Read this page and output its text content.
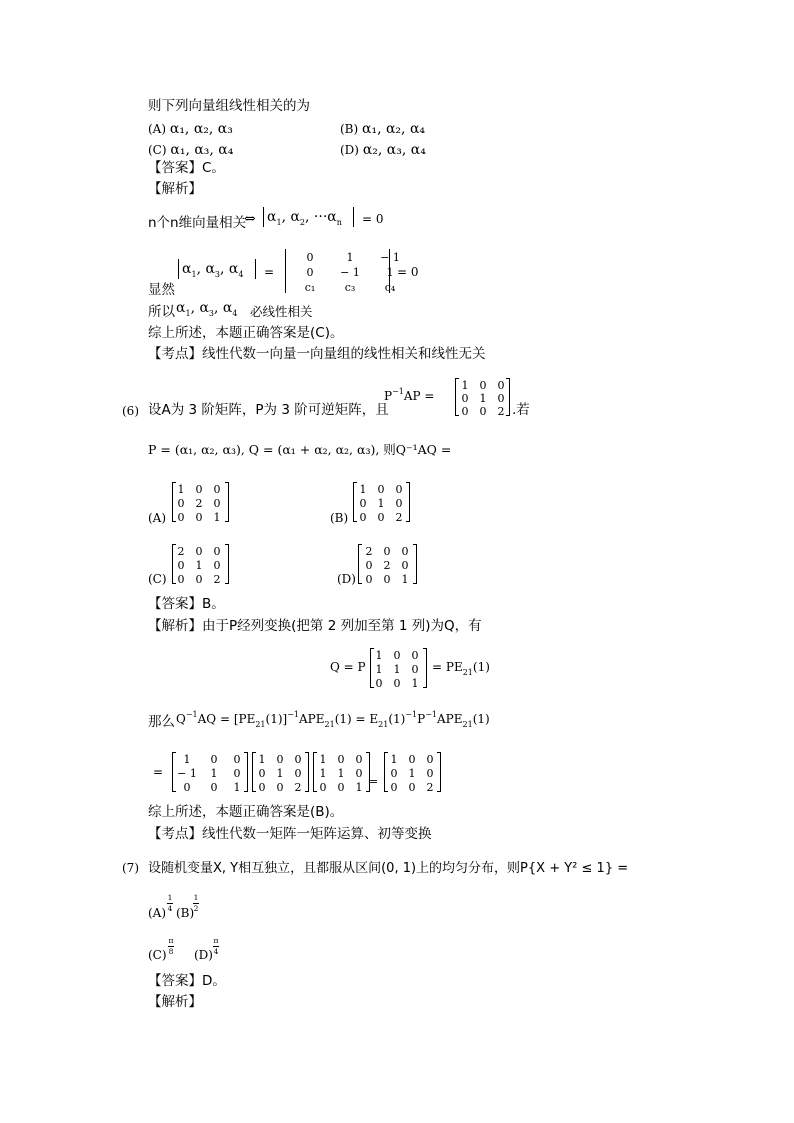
则下列向量组线性相关的为
(A) α₁, α₂, α₃	(B) α₁, α₂, α₄
(C) α₁, α₃, α₄	(D) α₂, α₃, α₄
【答案】C。
【解析】
n个n维向量相关
⇔ $\alpha_1$, $\alpha_2$, $\cdot\cdot\cdot\alpha_n = 0$
显然
$\alpha_1$, $\alpha_3$, $\alpha_4$ =
0	1	− 1
0	− 1	1
c₁	c₃	c₄
= 0
所以 $\alpha_1$, $\alpha_3$, $\alpha_4$ 必线性相关
综上所述，本题正确答案是(C)。
【考点】线性代数一向量一向量组的线性相关和线性无关
(6) 设A为 3 阶矩阵，P为 3 阶可逆矩阵，且
$P^{-1}AP$ =
1	0	0
0	1	0
0	0	2 .若
P = (α₁, α₂, α₃), Q = (α₁ + α₂, α₂, α₃), 则Q⁻¹AQ =
(A)
1	0	0
0	2	0
0	0	1	(B)
1	0	0
0	1	0
0	0	2
(C)
2	0	0
0	1	0
0	0	2	(D)
2	0	0
0	2	0
0	0	1
【答案】B。
【解析】由于P经列变换(把第 2 列加至第 1 列)为Q，有
Q = P
1	0	0
1	1	0
0	0	1
= $PE_{21}(1)$
那么 $Q^{-1}AQ = [PE_{21}(1)]^{-1}APE_{21}(1) = E_{21}(1)^{-1}P^{-1}APE_{21}(1)$
=
1	0	0
− 1	1	0
0	0	1
1	0	0
0	1	0
0	0	2
1	0	0
1	1	0
0	0	1 =
1	0	0
0	1	0
0	0	2
综上所述，本题正确答案是(B)。
【考点】线性代数一矩阵一矩阵运算、初等变换
(7) 设随机变量X, Y相互独立，且都服从区间(0, 1)上的均匀分布，则P{X + Y² ≤ 1} =
(A)
1
4 (B)
1
2
(C)
π
8 (D)
π
4
【答案】D。
【解析】
